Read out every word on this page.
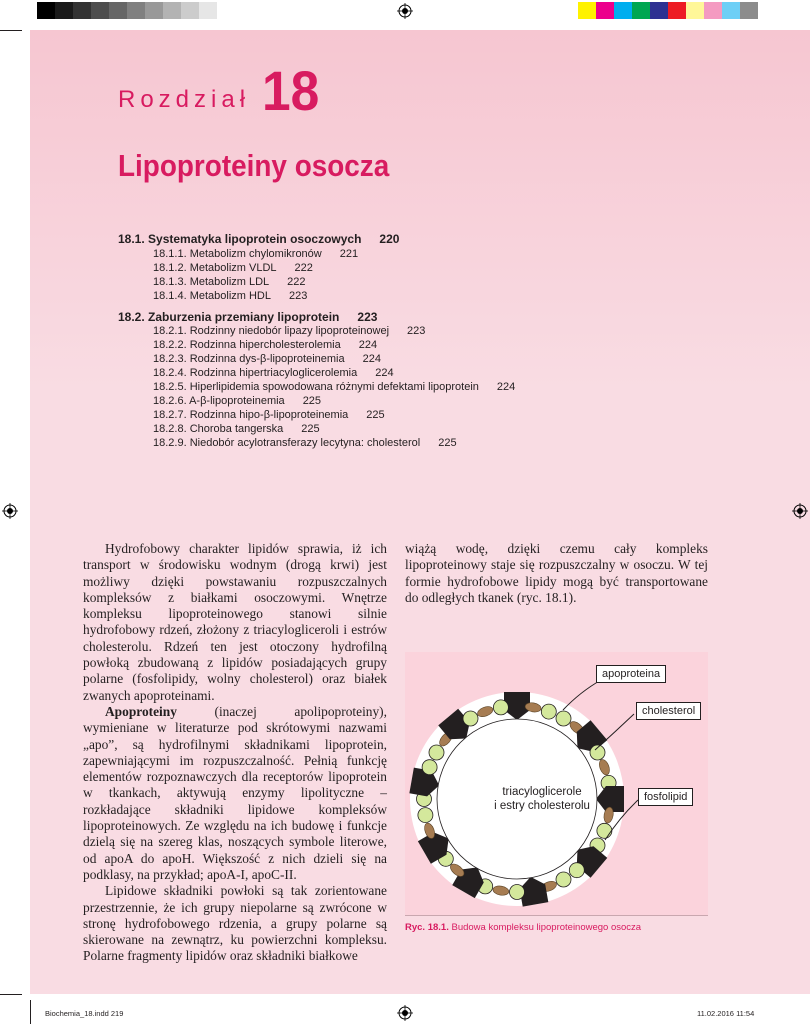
Rozdział 18
Lipoproteiny osocza
18.1. Systematyka lipoprotein osoczowych 220
18.1.1. Metabolizm chylomikronów 221
18.1.2. Metabolizm VLDL 222
18.1.3. Metabolizm LDL 222
18.1.4. Metabolizm HDL 223
18.2. Zaburzenia przemiany lipoprotein 223
18.2.1. Rodzinny niedobór lipazy lipoproteinowej 223
18.2.2. Rodzinna hipercholesterolemia 224
18.2.3. Rodzinna dys-β-lipoproteinemia 224
18.2.4. Rodzinna hipertriacyloglicerolemia 224
18.2.5. Hiperlipidemia spowodowana różnymi defektami lipoprotein 224
18.2.6. A-β-lipoproteinemia 225
18.2.7. Rodzinna hipo-β-lipoproteinemia 225
18.2.8. Choroba tangerska 225
18.2.9. Niedobór acylotransferazy lecytyna: cholesterol 225

Hydrofobowy charakter lipidów sprawia, iż ich transport w środowisku wodnym (drogą krwi) jest możliwy dzięki powstawaniu rozpuszczalnych kompleksów z białkami osoczowymi. Wnętrze kompleksu lipoproteinowego stanowi silnie hydrofobowy rdzeń, złożony z triacylogliceroli i estrów cholesterolu. Rdzeń ten jest otoczony hydrofilną powłoką zbudowaną z lipidów posiadających grupy polarne (fosfolipidy, wolny cholesterol) oraz białek zwanych apoproteinami.

Apoproteiny (inaczej apolipoproteiny), wymieniane w literaturze pod skrótowymi nazwami „apo”, są hydrofilnymi składnikami lipoprotein, zapewniającymi im rozpuszczalność. Pełnią funkcję elementów rozpoznawczych dla receptorów lipoprotein w tkankach, aktywują enzymy lipolityczne – rozkładające składniki lipidowe kompleksów lipoproteinowych. Ze względu na ich budowę i funkcje dzielą się na szereg klas, noszących symbole literowe, od apoA do apoH. Większość z nich dzieli się na podklasy, na przykład; apoA-I, apoC-II.

Lipidowe składniki powłoki są tak zorientowane przestrzennie, że ich grupy niepolarne są zwrócone w stronę hydrofobowego rdzenia, a grupy polarne są skierowane na zewnątrz, ku powierzchni kompleksu. Polarne fragmenty lipidów oraz składniki białkowe

wiążą wodę, dzięki czemu cały kompleks lipoproteinowy staje się rozpuszczalny w osoczu. W tej formie hydrofobowe lipidy mogą być transportowane do odległych tkanek (ryc. 18.1).

triacyloglicerole
i estry cholesterolu
apoproteina
cholesterol
fosfolipid
Ryc. 18.1. Budowa kompleksu lipoproteinowego osocza
Biochemia_18.indd 219	11.02.2016 11:54
